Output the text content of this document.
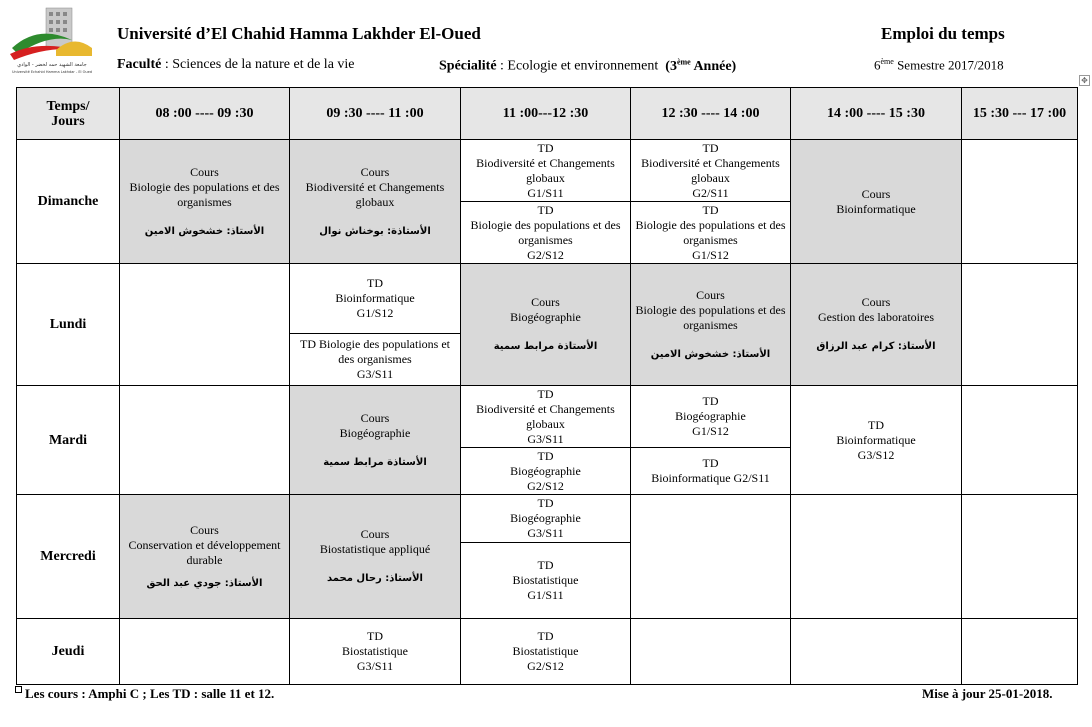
جامعة الشهيد حمه لخضر - الوادي
Université Echahid Hamma Lakhdar - El Oued
Université d’El Chahid Hamma Lakhder El-Oued	Emploi du temps
Faculté : Sciences de la nature et de la vie	Spécialité : Ecologie et environnement (3ème Année)	6ème Semestre 2017/2018
✥
Temps/
Jours	08 :00 ---- 09 :30	09 :30 ---- 11 :00	11 :00---12 :30	12 :30 ---- 14 :00	14 :00 ---- 15 :30	15 :30 --- 17 :00
Dimanche	Cours
Biologie des populations et des organismes
الأستاذ: خشخوش الامين	Cours
Biodiversité et Changements globaux
الأستاذة: بوخناش نوال	TD
Biodiversité et Changements globaux
G1/S11	TD
Biodiversité et Changements globaux
G2/S11	Cours
Bioinformatique	

			TD
Biologie des populations et des organismes
G2/S12	TD
Biologie des populations et des organismes
G1/S12		

Lundi		TD
Bioinformatique
G1/S12	Cours
Biogéographie
الأستاذة مرابط سمية	Cours
Biologie des populations et des organismes
الأستاذ: خشخوش الامين	Cours
Gestion des laboratoires
الأستاذ: كرام عبد الرزاق	

		TD Biologie des populations et des organismes
G3/S11				

Mardi		Cours
Biogéographie
الأستاذة مرابط سمية	TD
Biodiversité et Changements globaux
G3/S11	TD
Biogéographie
G1/S12	TD
Bioinformatique
G3/S12	

			TD
Biogéographie
G2/S12	TD
Bioinformatique G2/S11		

Mercredi	Cours
Conservation et développement durable
الأستاذ: جودي عبد الحق	Cours
Biostatistique appliqué
الأستاذ: رحال محمد	TD
Biogéographie
G3/S11			

			TD
Biostatistique
G1/S11			

Jeudi		TD
Biostatistique
G3/S11	TD
Biostatistique
G2/S12			

Les cours : Amphi C ; Les TD : salle 11 et 12.	Mise à jour 25-01-2018.
